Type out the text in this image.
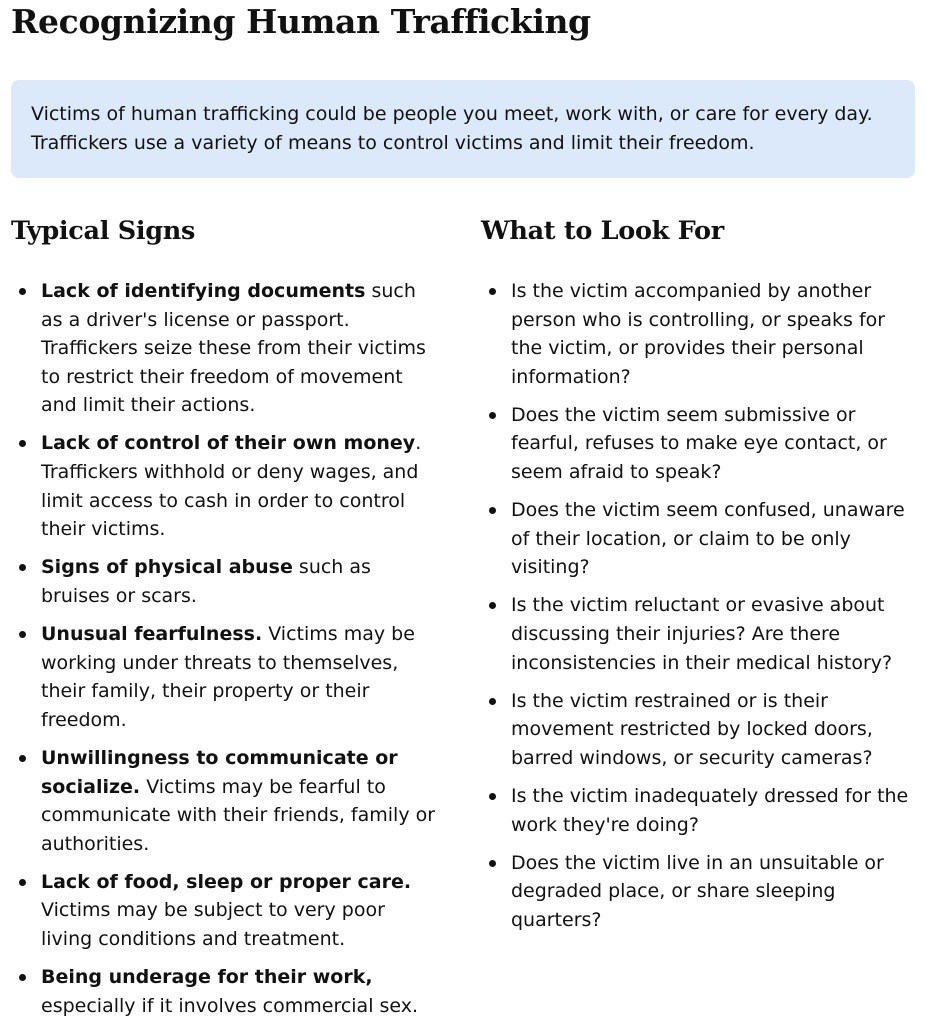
Recognizing Human Trafficking

Victims of human trafficking could be people you meet, work with, or care for every day.

Traffickers use a variety of means to control victims and limit their freedom.

Typical Signs	What to Look For
Lack of identifying documents such as a driver's license or passport. Traffickers seize these from their victims to restrict their freedom of movement and limit their actions.
Lack of control of their own money. Traffickers withhold or deny wages, and limit access to cash in order to control their victims.
Signs of physical abuse such as bruises or scars.
Unusual fearfulness. Victims may be working under threats to themselves, their family, their property or their freedom.
Unwillingness to communicate or socialize. Victims may be fearful to communicate with their friends, family or authorities.
Lack of food, sleep or proper care. Victims may be subject to very poor living conditions and treatment.
Being underage for their work, especially if it involves commercial sex.
Is the victim accompanied by another person who is controlling, or speaks for the victim, or provides their personal information?
Does the victim seem submissive or fearful, refuses to make eye contact, or seem afraid to speak?
Does the victim seem confused, unaware of their location, or claim to be only visiting?
Is the victim reluctant or evasive about discussing their injuries? Are there inconsistencies in their medical history?
Is the victim restrained or is their movement restricted by locked doors, barred windows, or security cameras?
Is the victim inadequately dressed for the work they're doing?
Does the victim live in an unsuitable or degraded place, or share sleeping quarters?
